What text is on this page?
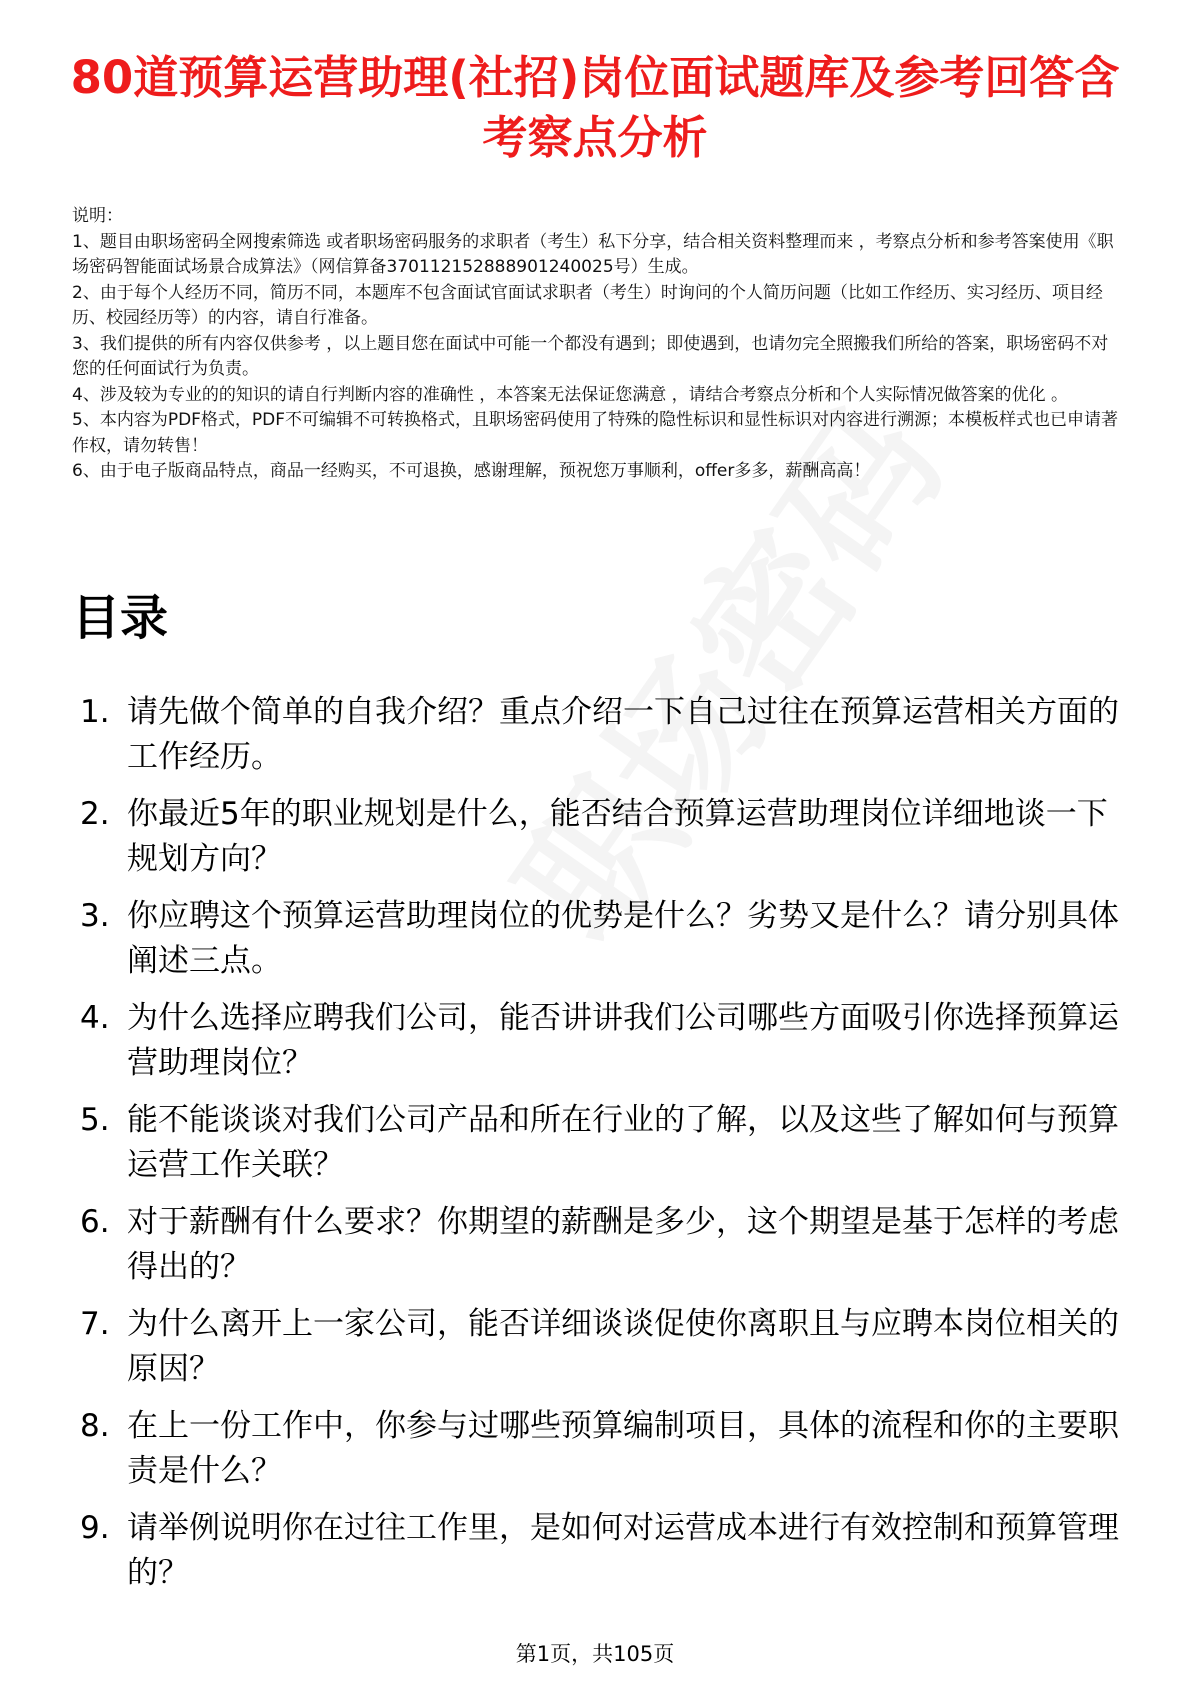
80道预算运营助理(社招)岗位面试题库及参考回答含考察点分析

说明：

1、题目由职场密码全网搜索筛选 或者职场密码服务的求职者（考生）私下分享，结合相关资料整理而来 ，考察点分析和参考答案使用《职场密码智能面试场景合成算法》（网信算备370112152888901240025号）生成。

2、由于每个人经历不同，简历不同，本题库不包含面试官面试求职者（考生）时询问的个人简历问题（比如工作经历、实习经历、项目经历、校园经历等）的内容，请自行准备。

3、我们提供的所有内容仅供参考 ，以上题目您在面试中可能一个都没有遇到；即使遇到，也请勿完全照搬我们所给的答案，职场密码不对您的任何面试行为负责。

4、涉及较为专业的的知识的请自行判断内容的准确性 ，本答案无法保证您满意 ，请结合考察点分析和个人实际情况做答案的优化 。

5、本内容为PDF格式，PDF不可编辑不可转换格式，且职场密码使用了特殊的隐性标识和显性标识对内容进行溯源；本模板样式也已申请著作权，请勿转售！

6、由于电子版商品特点，商品一经购买，不可退换，感谢理解，预祝您万事顺利，offer多多，薪酬高高！

目录
1. 请先做个简单的自我介绍？重点介绍一下自己过往在预算运营相关方面的工作经历。
2. 你最近5年的职业规划是什么，能否结合预算运营助理岗位详细地谈一下规划方向？
3. 你应聘这个预算运营助理岗位的优势是什么？劣势又是什么？请分别具体阐述三点。
4. 为什么选择应聘我们公司，能否讲讲我们公司哪些方面吸引你选择预算运营助理岗位？
5. 能不能谈谈对我们公司产品和所在行业的了解，以及这些了解如何与预算运营工作关联？
6. 对于薪酬有什么要求？你期望的薪酬是多少，这个期望是基于怎样的考虑得出的？
7. 为什么离开上一家公司，能否详细谈谈促使你离职且与应聘本岗位相关的原因？
8. 在上一份工作中，你参与过哪些预算编制项目，具体的流程和你的主要职责是什么？
9. 请举例说明你在过往工作里，是如何对运营成本进行有效控制和预算管理的？
第1页，共105页
